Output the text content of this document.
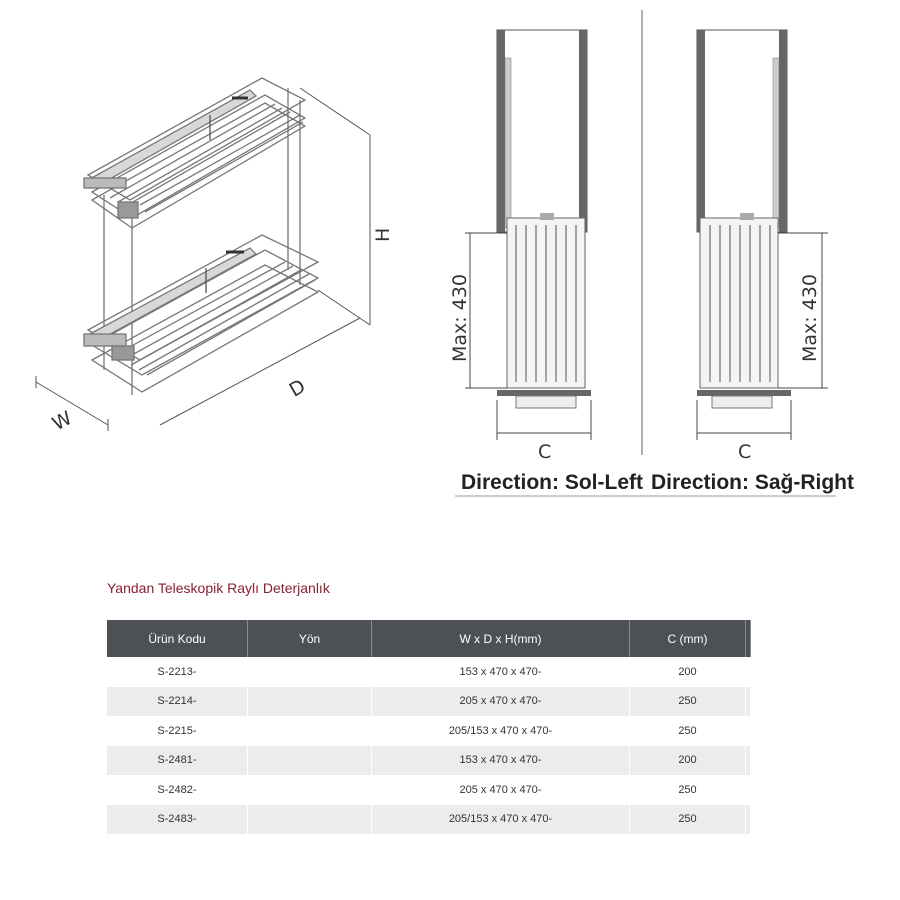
W
D
H
Max: 430
C
Max: 430
C
Direction: Sol-Left Direction: Sağ-Right
Yandan Teleskopik Raylı Deterjanlık
Ürün Kodu	Yön	W x D x H(mm)	C (mm)	
S-2213-		153 x 470 x 470-	200	
S-2214-		205 x 470 x 470-	250	
S-2215-		205/153 x 470 x 470-	250	
S-2481-		153 x 470 x 470-	200	
S-2482-		205 x 470 x 470-	250	
S-2483-		205/153 x 470 x 470-	250	
